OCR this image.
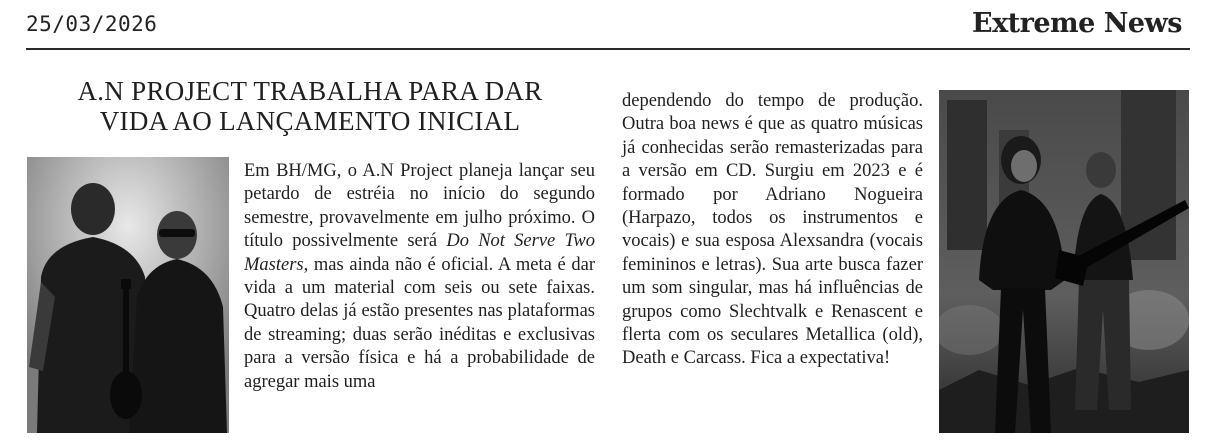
25/03/2026	Extreme News
A.N PROJECT TRABALHA PARA DAR
VIDA AO LANÇAMENTO INICIAL

Em BH/MG, o A.N Project planeja lançar seu petardo de estréia no início do segundo semestre, provavelmente em julho próximo. O título possivelmente será Do Not Serve Two Masters, mas ainda não é oficial. A meta é dar vida a um material com seis ou sete faixas. Quatro delas já estão presentes nas plataformas de streaming; duas serão inéditas e exclusivas para a versão física e há a probabilidade de agregar mais uma

dependendo do tempo de produção. Outra boa news é que as quatro músicas já conhecidas serão remasterizadas para a versão em CD. Surgiu em 2023 e é formado por Adriano Nogueira (Harpazo, todos os instrumentos e vocais) e sua esposa Alexsandra (vocais femininos e letras). Sua arte busca fazer um som singular, mas há influências de grupos como Slechtvalk e Renascent e flerta com os seculares Metallica (old), Death e Carcass. Fica a expectativa!
